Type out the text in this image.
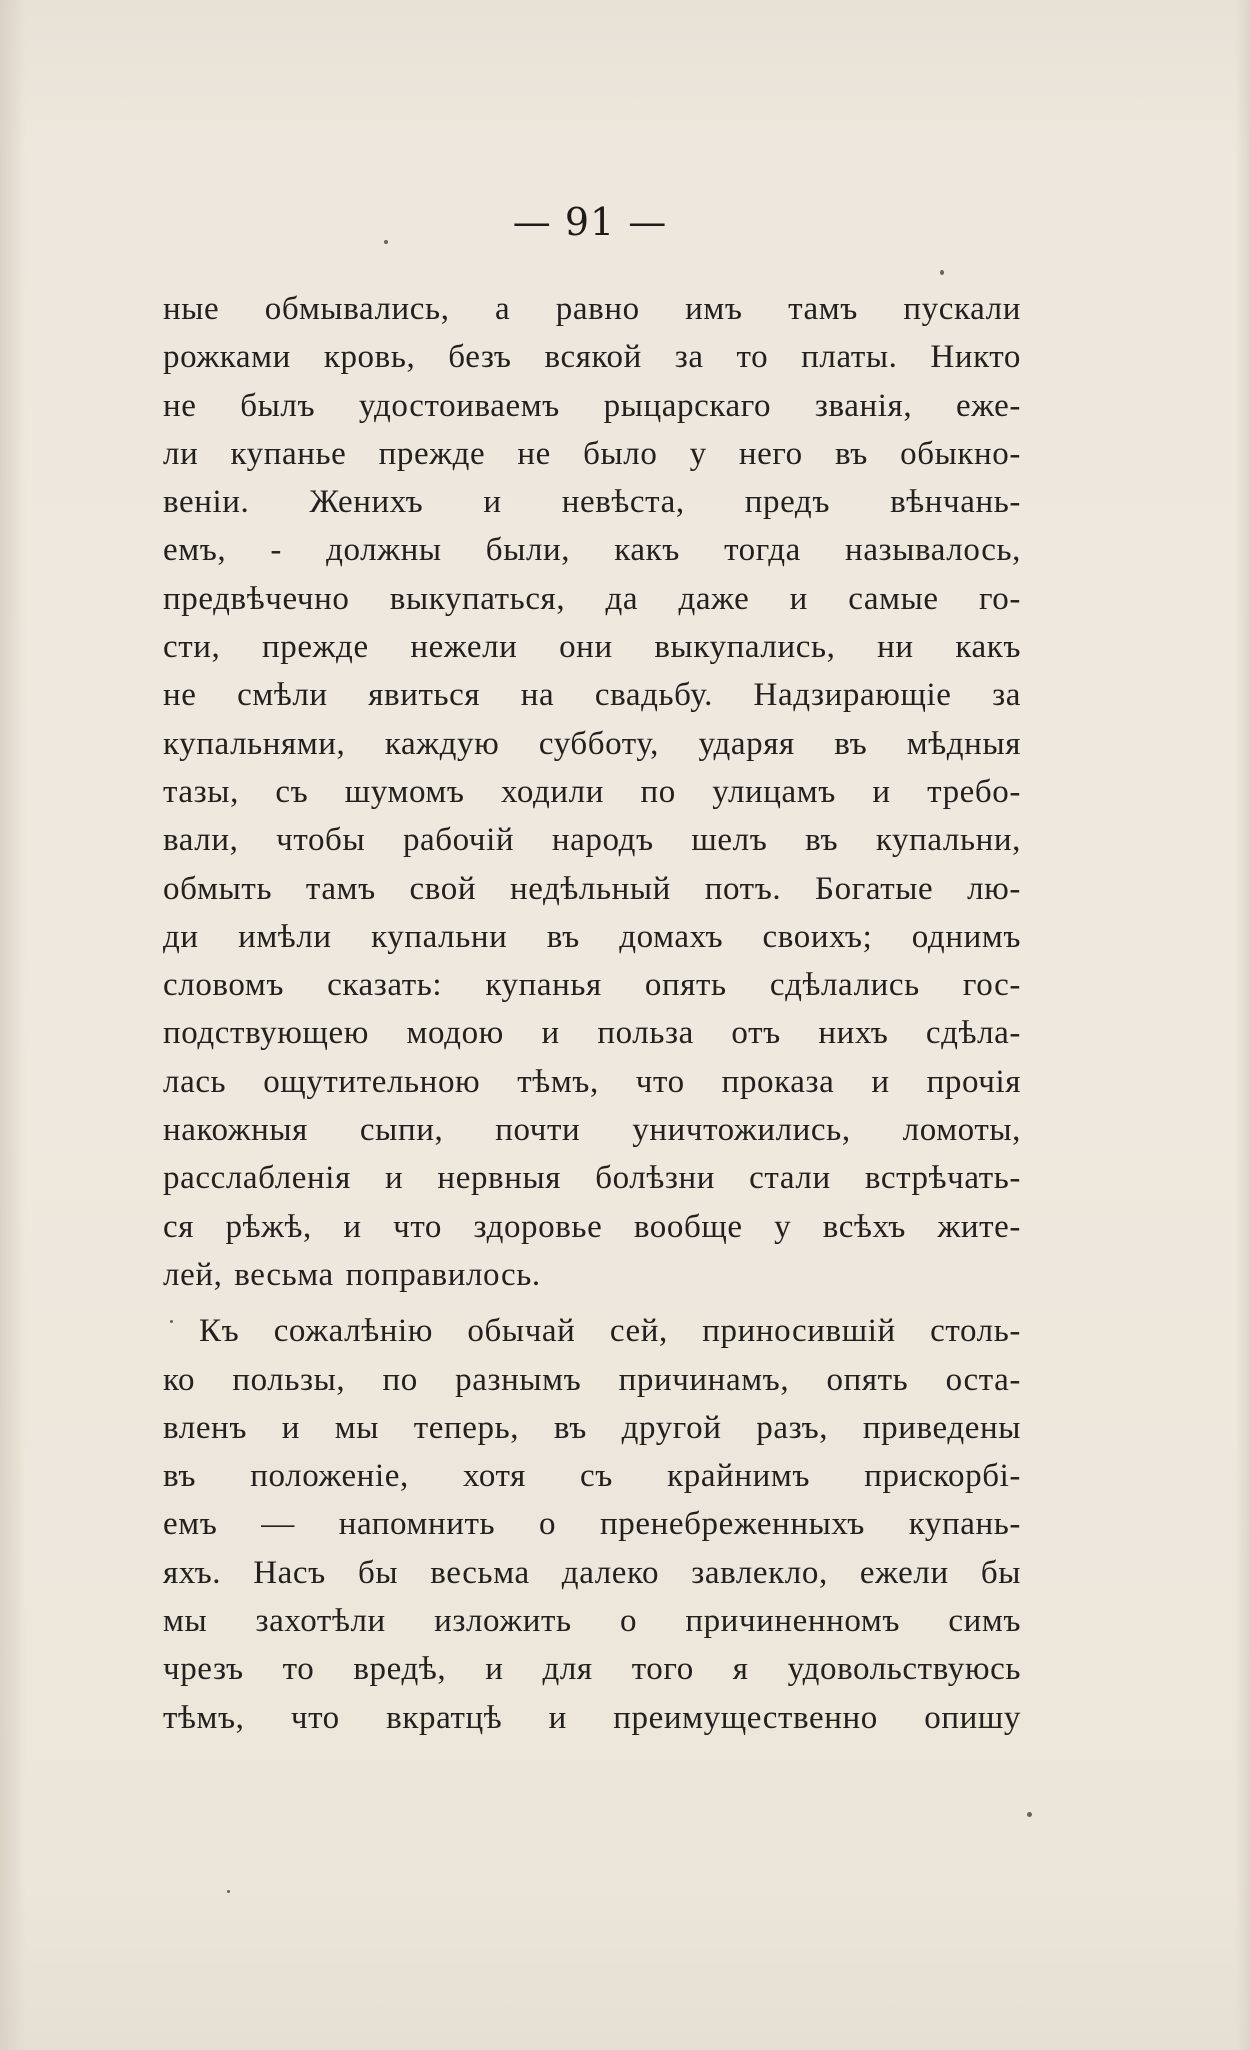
— 91 —
ные обмывались, а равно имъ тамъ пускали
рожками кровь, безъ всякой за то платы. Никто
не былъ удостоиваемъ рыцарскаго званія, еже-
ли купанье прежде не было у него въ обыкно-
веніи. Женихъ и невѣста, предъ вѣнчань-
емъ, - должны были, какъ тогда называлось,
предвѣчечно выкупаться, да даже и самые го-
сти, прежде нежели они выкупались, ни какъ
не смѣли явиться на свадьбу. Надзирающіе за
купальнями, каждую субботу, ударяя въ мѣдныя
тазы, съ шумомъ ходили по улицамъ и требо-
вали, чтобы рабочій народъ шелъ въ купальни,
обмыть тамъ свой недѣльный потъ. Богатые лю-
ди имѣли купальни въ домахъ своихъ; однимъ
словомъ сказать: купанья опять сдѣлались гос-
подствующею модою и польза отъ нихъ сдѣла-
лась ощутительною тѣмъ, что проказа и прочія
накожныя сыпи, почти уничтожились, ломоты,
расслабленія и нервныя болѣзни стали встрѣчать-
ся рѣжѣ, и что здоровье вообще у всѣхъ жите-
лей, весьма поправилось.
Къ сожалѣнію обычай сей, приносившій столь-
ко пользы, по разнымъ причинамъ, опять оста-
вленъ и мы теперь, въ другой разъ, приведены
въ положеніе, хотя съ крайнимъ прискорбі-
емъ — напомнить о пренебреженныхъ купань-
яхъ. Насъ бы весьма далеко завлекло, ежели бы
мы захотѣли изложить о причиненномъ симъ
чрезъ то вредѣ, и для того я удовольствуюсь
тѣмъ, что вкратцѣ и преимущественно опишу
